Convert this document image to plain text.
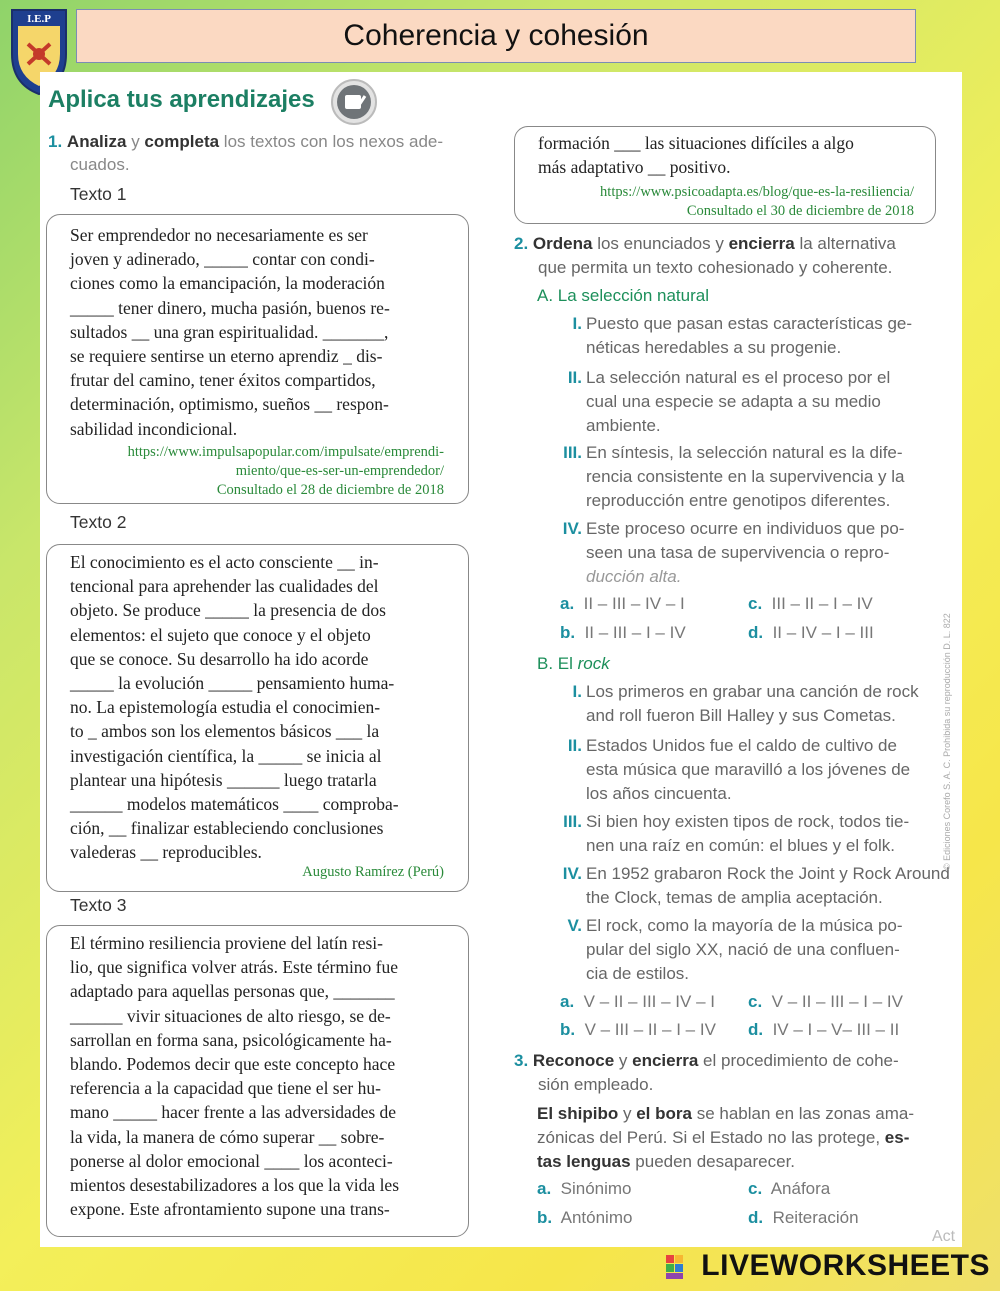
I.E.P	Coherencia y cohesión
Aplica tus aprendizajes
1. Analiza y completa los textos con los nexos ade-
cuados.
Texto 1
Ser emprendedor no necesariamente es ser
joven y adinerado, _____ contar con condi-
ciones como la emancipación, la moderación
_____ tener dinero, mucha pasión, buenos re-
sultados __ una gran espiritualidad. _______,
se requiere sentirse un eterno aprendiz _ dis-
frutar del camino, tener éxitos compartidos,
determinación, optimismo, sueños __ respon-
sabilidad incondicional.
https://www.impulsapopular.com/impulsate/emprendi-
miento/que-es-ser-un-emprendedor/
Consultado el 28 de diciembre de 2018
Texto 2
El conocimiento es el acto consciente __ in-
tencional para aprehender las cualidades del
objeto. Se produce _____ la presencia de dos
elementos: el sujeto que conoce y el objeto
que se conoce. Su desarrollo ha ido acorde
_____ la evolución _____ pensamiento huma-
no. La epistemología estudia el conocimien-
to _ ambos son los elementos básicos ___ la
investigación científica, la _____ se inicia al
plantear una hipótesis ______ luego tratarla
______ modelos matemáticos ____ comproba-
ción, __ finalizar estableciendo conclusiones
valederas __ reproducibles.
Augusto Ramírez (Perú)
Texto 3
El término resiliencia proviene del latín resi-
lio, que significa volver atrás. Este término fue
adaptado para aquellas personas que, _______
______ vivir situaciones de alto riesgo, se de-
sarrollan en forma sana, psicológicamente ha-
blando. Podemos decir que este concepto hace
referencia a la capacidad que tiene el ser hu-
mano _____ hacer frente a las adversidades de
la vida, la manera de cómo superar __ sobre-
ponerse al dolor emocional ____ los aconteci-
mientos desestabilizadores a los que la vida les
expone. Este afrontamiento supone una trans-
formación ___ las situaciones difíciles a algo
más adaptativo __ positivo.
https://www.psicoadapta.es/blog/que-es-la-resiliencia/
Consultado el 30 de diciembre de 2018
2. Ordena los enunciados y encierra la alternativa
que permita un texto cohesionado y coherente.
A. La selección natural
I. Puesto que pasan estas características ge-
néticas heredables a su progenie.
II. La selección natural es el proceso por el
cual una especie se adapta a su medio
ambiente.
III. En síntesis, la selección natural es la dife-
rencia consistente en la supervivencia y la
reproducción entre genotipos diferentes.
IV. Este proceso ocurre en individuos que po-
seen una tasa de supervivencia o repro-
ducción alta.
a. II – III – IV – I	c. III – II – I – IV
b. II – III – I – IV	d. II – IV – I – III
B. El rock
I. Los primeros en grabar una canción de rock
and roll fueron Bill Halley y sus Cometas.
II. Estados Unidos fue el caldo de cultivo de
esta música que maravilló a los jóvenes de
los años cincuenta.
III. Si bien hoy existen tipos de rock, todos tie-
nen una raíz en común: el blues y el folk.
IV. En 1952 grabaron Rock the Joint y Rock Around
the Clock, temas de amplia aceptación.
V. El rock, como la mayoría de la música po-
pular del siglo XX, nació de una confluen-
cia de estilos.
a. V – II – III – IV – I c. V – II – III – I – IV
b. V – III – II – I – IV d. IV – I – V– III – II
3. Reconoce y encierra el procedimiento de cohe-
sión empleado.
El shipibo y el bora se hablan en las zonas ama-
zónicas del Perú. Si el Estado no las protege, es-
tas lenguas pueden desaparecer.
a. Sinónimo	c. Anáfora
b. Antónimo	d. Reiteración
© Ediciones Corefo S. A. C. Prohibida su reproducción D. L. 822
Act
LIVEWORKSHEETS
